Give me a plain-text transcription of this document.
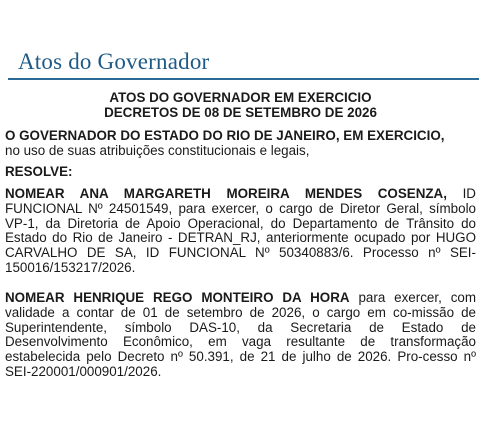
Atos do Governador
ATOS DO GOVERNADOR EM EXERCICIO
DECRETOS DE 08 DE SETEMBRO DE 2026

O GOVERNADOR DO ESTADO DO RIO DE JANEIRO, EM EXERCICIO,
no uso de suas atribuições constitucionais e legais,

RESOLVE:

NOMEAR ANA MARGARETH MOREIRA MENDES COSENZA, ID FUNCIONAL Nº 24501549, para exercer, o cargo de Diretor Geral, símbolo VP-1, da Diretoria de Apoio Operacional, do Departamento de Trânsito do Estado do Rio de Janeiro - DETRAN_RJ, anteriormente ocupado por HUGO CARVALHO DE SA, ID FUNCIONAL Nº 50340883/6. Processo nº SEI-150016/153217/2026.

NOMEAR HENRIQUE REGO MONTEIRO DA HORA para exercer, com validade a contar de 01 de setembro de 2026, o cargo em co-missão de Superintendente, símbolo DAS-10, da Secretaria de Estado de Desenvolvimento Econômico, em vaga resultante de transformação estabelecida pelo Decreto nº 50.391, de 21 de julho de 2026. Pro-cesso nº SEI-220001/000901/2026.
